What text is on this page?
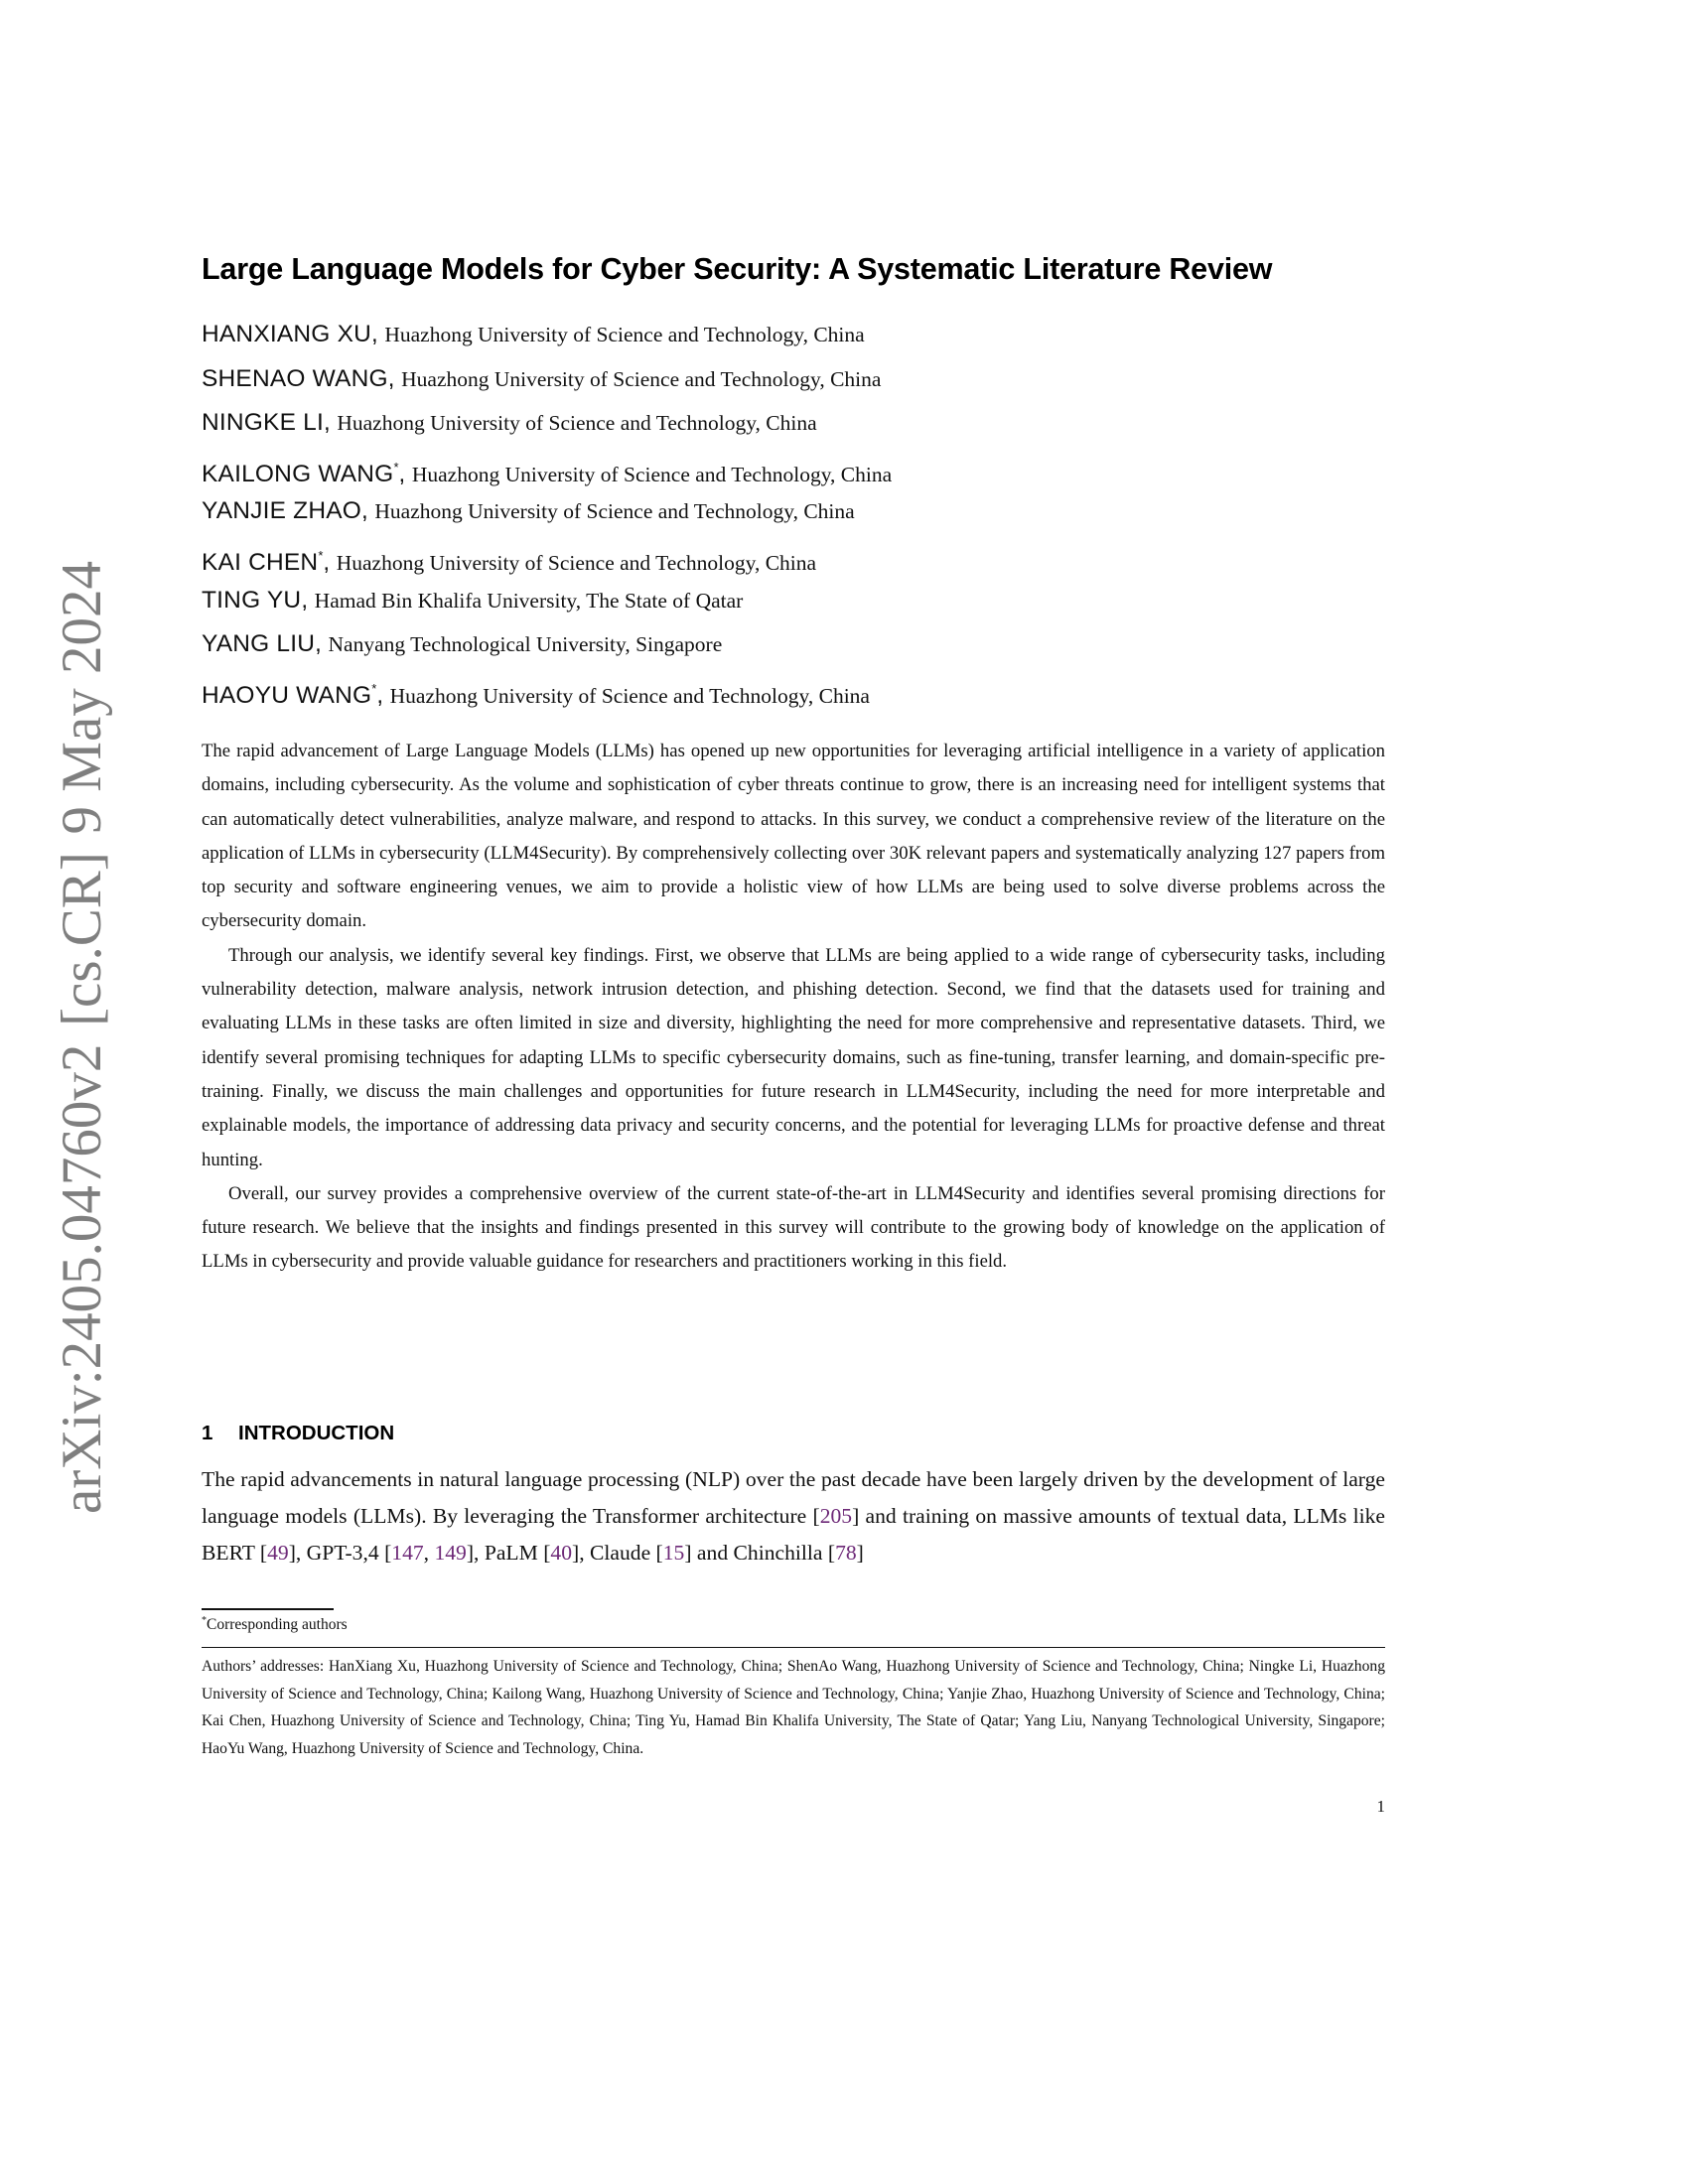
arXiv:2405.04760v2
[cs.CR]
9 May 2024
Large Language Models for Cyber Security: A Systematic Literature Review
HANXIANG XU, Huazhong University of Science and Technology, China
SHENAO WANG, Huazhong University of Science and Technology, China
NINGKE LI, Huazhong University of Science and Technology, China
KAILONG WANG*, Huazhong University of Science and Technology, China
YANJIE ZHAO, Huazhong University of Science and Technology, China
KAI CHEN*, Huazhong University of Science and Technology, China
TING YU, Hamad Bin Khalifa University, The State of Qatar
YANG LIU, Nanyang Technological University, Singapore
HAOYU WANG*, Huazhong University of Science and Technology, China

The rapid advancement of Large Language Models (LLMs) has opened up new opportunities for leveraging artificial intelligence in a variety of application domains, including cybersecurity. As the volume and sophistication of cyber threats continue to grow, there is an increasing need for intelligent systems that can automatically detect vulnerabilities, analyze malware, and respond to attacks. In this survey, we conduct a comprehensive review of the literature on the application of LLMs in cybersecurity (LLM4Security). By comprehensively collecting over 30K relevant papers and systematically analyzing 127 papers from top security and software engineering venues, we aim to provide a holistic view of how LLMs are being used to solve diverse problems across the cybersecurity domain.

Through our analysis, we identify several key findings. First, we observe that LLMs are being applied to a wide range of cybersecurity tasks, including vulnerability detection, malware analysis, network intrusion detection, and phishing detection. Second, we find that the datasets used for training and evaluating LLMs in these tasks are often limited in size and diversity, highlighting the need for more comprehensive and representative datasets. Third, we identify several promising techniques for adapting LLMs to specific cybersecurity domains, such as fine-tuning, transfer learning, and domain-specific pre-training. Finally, we discuss the main challenges and opportunities for future research in LLM4Security, including the need for more interpretable and explainable models, the importance of addressing data privacy and security concerns, and the potential for leveraging LLMs for proactive defense and threat hunting.

Overall, our survey provides a comprehensive overview of the current state-of-the-art in LLM4Security and identifies several promising directions for future research. We believe that the insights and findings presented in this survey will contribute to the growing body of knowledge on the application of LLMs in cybersecurity and provide valuable guidance for researchers and practitioners working in this field.

1 INTRODUCTION

The rapid advancements in natural language processing (NLP) over the past decade have been largely driven by the development of large language models (LLMs). By leveraging the Transformer architecture [205] and training on massive amounts of textual data, LLMs like BERT [49], GPT-3,4 [147, 149], PaLM [40], Claude [15] and Chinchilla [78]

*Corresponding authors
Authors’ addresses: HanXiang Xu, Huazhong University of Science and Technology, China; ShenAo Wang, Huazhong University of Science and Technology, China; Ningke Li, Huazhong University of Science and Technology, China; Kailong Wang, Huazhong University of Science and Technology, China; Yanjie Zhao, Huazhong University of Science and Technology, China; Kai Chen, Huazhong University of Science and Technology, China; Ting Yu, Hamad Bin Khalifa University, The State of Qatar; Yang Liu, Nanyang Technological University, Singapore; HaoYu Wang, Huazhong University of Science and Technology, China.
1
